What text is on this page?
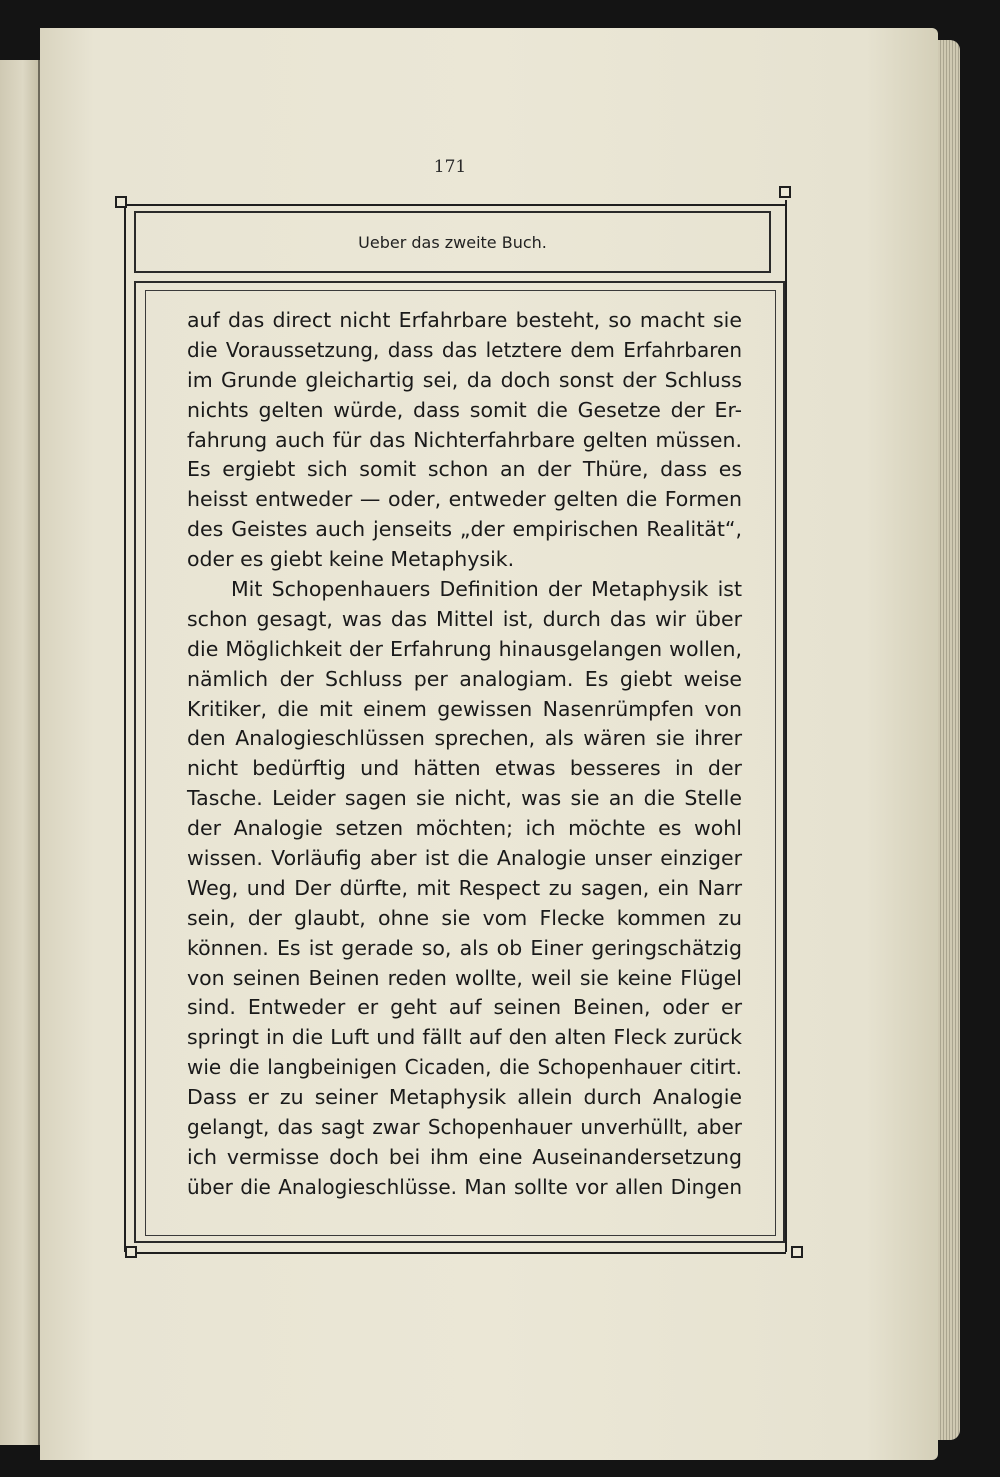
171
Ueber das zweite Buch.
auf das direct nicht Erfahrbare besteht, so macht sie
die Voraussetzung, dass das letztere dem Erfahrbaren
im Grunde gleichartig sei, da doch sonst der Schluss
nichts gelten würde, dass somit die Gesetze der Er-
fahrung auch für das Nichterfahrbare gelten müssen.
Es ergiebt sich somit schon an der Thüre, dass es
heisst entweder — oder, entweder gelten die Formen
des Geistes auch jenseits „der empirischen Realität“,
oder es giebt keine Metaphysik.
Mit Schopenhauers Definition der Metaphysik ist
schon gesagt, was das Mittel ist, durch das wir über
die Möglichkeit der Erfahrung hinausgelangen wollen,
nämlich der Schluss per analogiam. Es giebt weise
Kritiker, die mit einem gewissen Nasenrümpfen von
den Analogieschlüssen sprechen, als wären sie ihrer
nicht bedürftig und hätten etwas besseres in der
Tasche. Leider sagen sie nicht, was sie an die Stelle
der Analogie setzen möchten; ich möchte es wohl
wissen. Vorläufig aber ist die Analogie unser einziger
Weg, und Der dürfte, mit Respect zu sagen, ein Narr
sein, der glaubt, ohne sie vom Flecke kommen zu
können. Es ist gerade so, als ob Einer geringschätzig
von seinen Beinen reden wollte, weil sie keine Flügel
sind. Entweder er geht auf seinen Beinen, oder er
springt in die Luft und fällt auf den alten Fleck zurück
wie die langbeinigen Cicaden, die Schopenhauer citirt.
Dass er zu seiner Metaphysik allein durch Analogie
gelangt, das sagt zwar Schopenhauer unverhüllt, aber
ich vermisse doch bei ihm eine Auseinandersetzung
über die Analogieschlüsse. Man sollte vor allen Dingen
